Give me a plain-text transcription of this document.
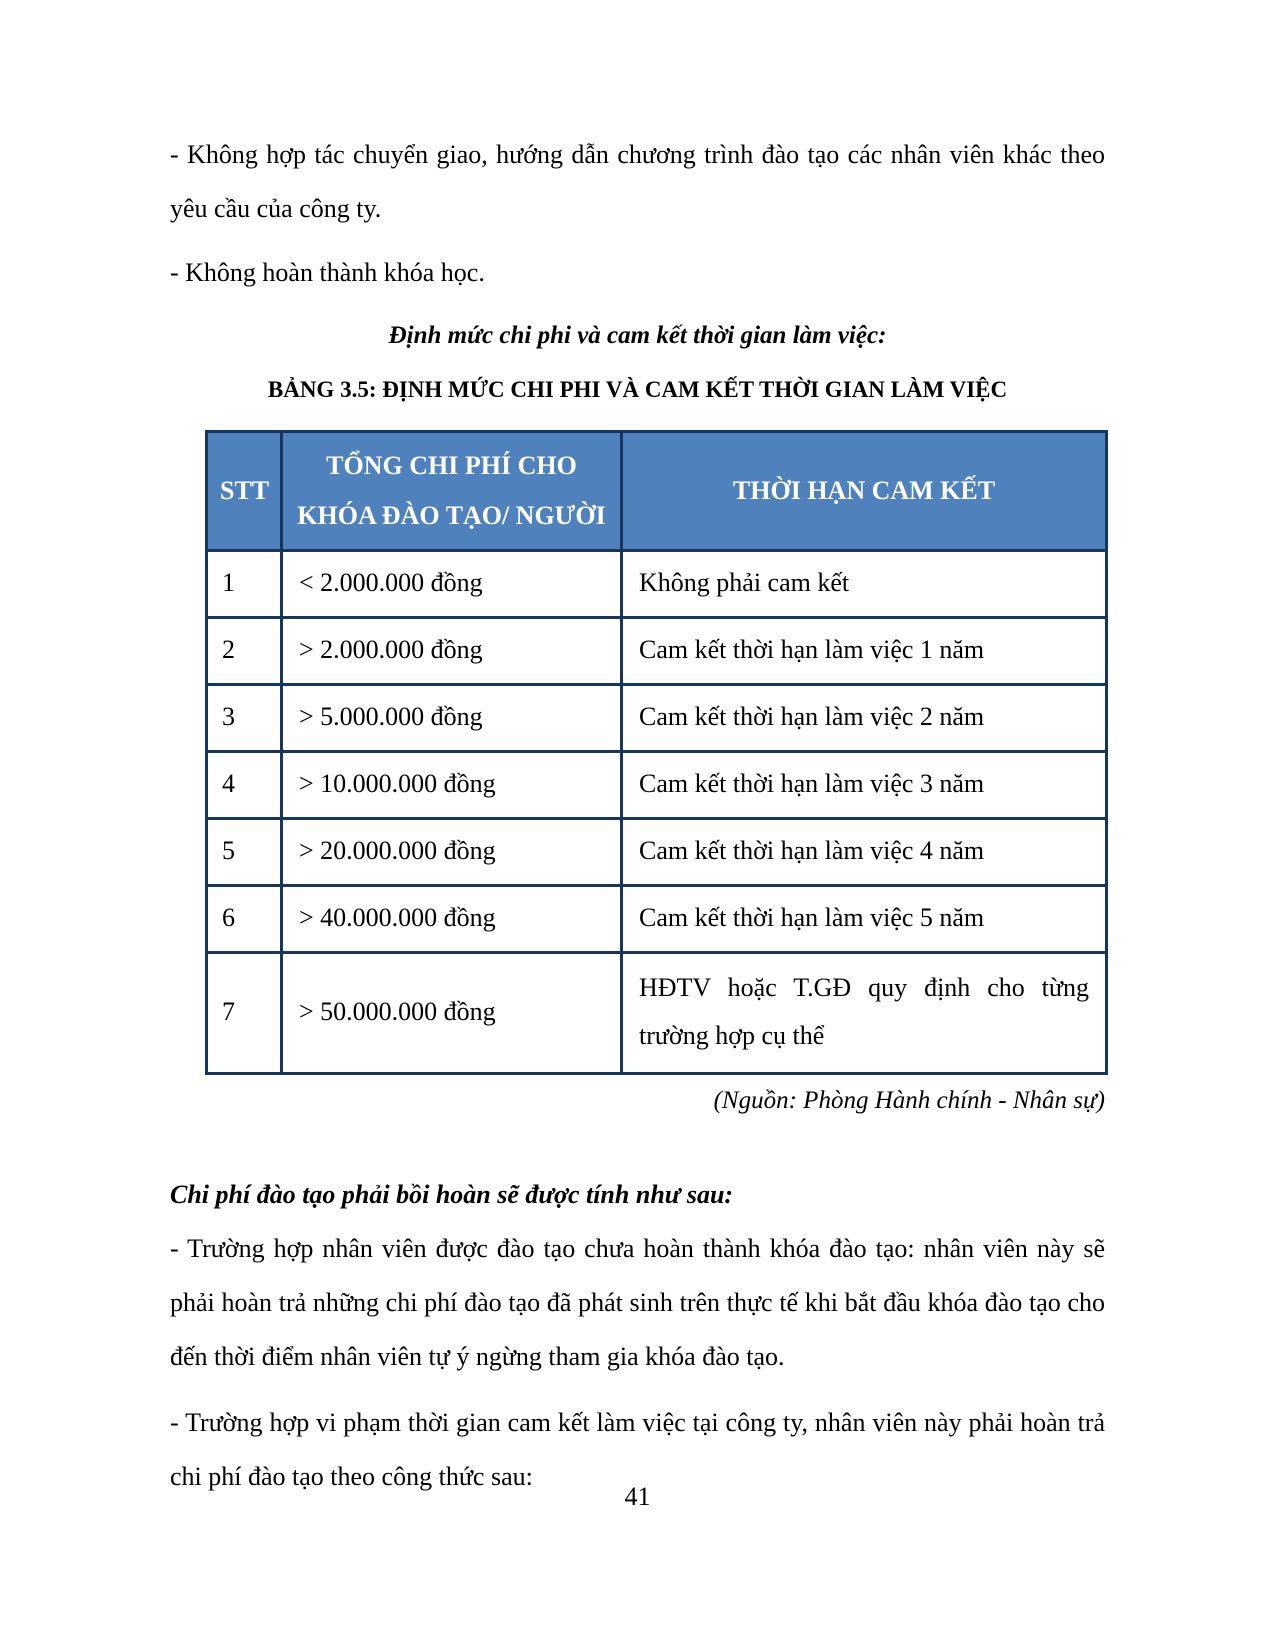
- Không hợp tác chuyển giao, hướng dẫn chương trình đào tạo các nhân viên khác theo yêu cầu của công ty.

- Không hoàn thành khóa học.

Định mức chi phi và cam kết thời gian làm việc:

BẢNG 3.5: ĐỊNH MỨC CHI PHI VÀ CAM KẾT THỜI GIAN LÀM VIỆC

STT	TỔNG CHI PHÍ CHO KHÓA ĐÀO TẠO/ NGƯỜI	THỜI HẠN CAM KẾT
1	< 2.000.000 đồng	Không phải cam kết
2	> 2.000.000 đồng	Cam kết thời hạn làm việc 1 năm
3	> 5.000.000 đồng	Cam kết thời hạn làm việc 2 năm
4	> 10.000.000 đồng	Cam kết thời hạn làm việc 3 năm
5	> 20.000.000 đồng	Cam kết thời hạn làm việc 4 năm
6	> 40.000.000 đồng	Cam kết thời hạn làm việc 5 năm
7	> 50.000.000 đồng	HĐTV hoặc T.GĐ quy định cho từng trường hợp cụ thể

(Nguồn: Phòng Hành chính - Nhân sự)

Chi phí đào tạo phải bồi hoàn sẽ được tính như sau:

- Trường hợp nhân viên được đào tạo chưa hoàn thành khóa đào tạo: nhân viên này sẽ phải hoàn trả những chi phí đào tạo đã phát sinh trên thực tế khi bắt đầu khóa đào tạo cho đến thời điểm nhân viên tự ý ngừng tham gia khóa đào tạo.

- Trường hợp vi phạm thời gian cam kết làm việc tại công ty, nhân viên này phải hoàn trả chi phí đào tạo theo công thức sau:

41
